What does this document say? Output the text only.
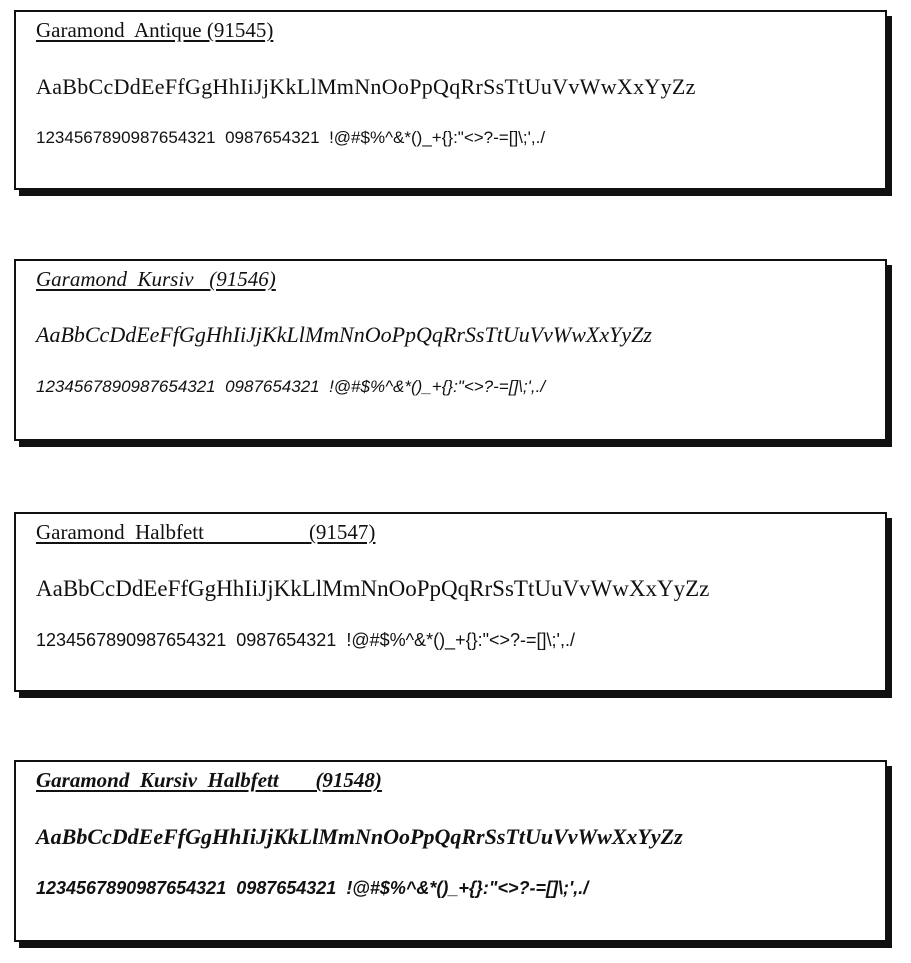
Garamond  Antique (91545)
AaBbCcDdEeFfGgHhIiJjKkLlMmNnOoPpQqRrSsTtUuVvWwXxYyZz
1234567890987654321  0987654321  !@#$%^&*()_+{}:"<>?-=[]\;',./
Garamond  Kursiv   (91546)
AaBbCcDdEeFfGgHhIiJjKkLlMmNnOoPpQqRrSsTtUuVvWwXxYyZz
1234567890987654321  0987654321  !@#$%^&*()_+{}:"<>?-=[]\;',./
Garamond  Halbfett                    (91547)
AaBbCcDdEeFfGgHhIiJjKkLlMmNnOoPpQqRrSsTtUuVvWwXxYyZz
1234567890987654321  0987654321  !@#$%^&*()_+{}:"<>?-=[]\;',./
Garamond  Kursiv  Halbfett       (91548)
AaBbCcDdEeFfGgHhIiJjKkLlMmNnOoPpQqRrSsTtUuVvWwXxYyZz
1234567890987654321  0987654321  !@#$%^&*()_+{}:"<>?-=[]\;',./
